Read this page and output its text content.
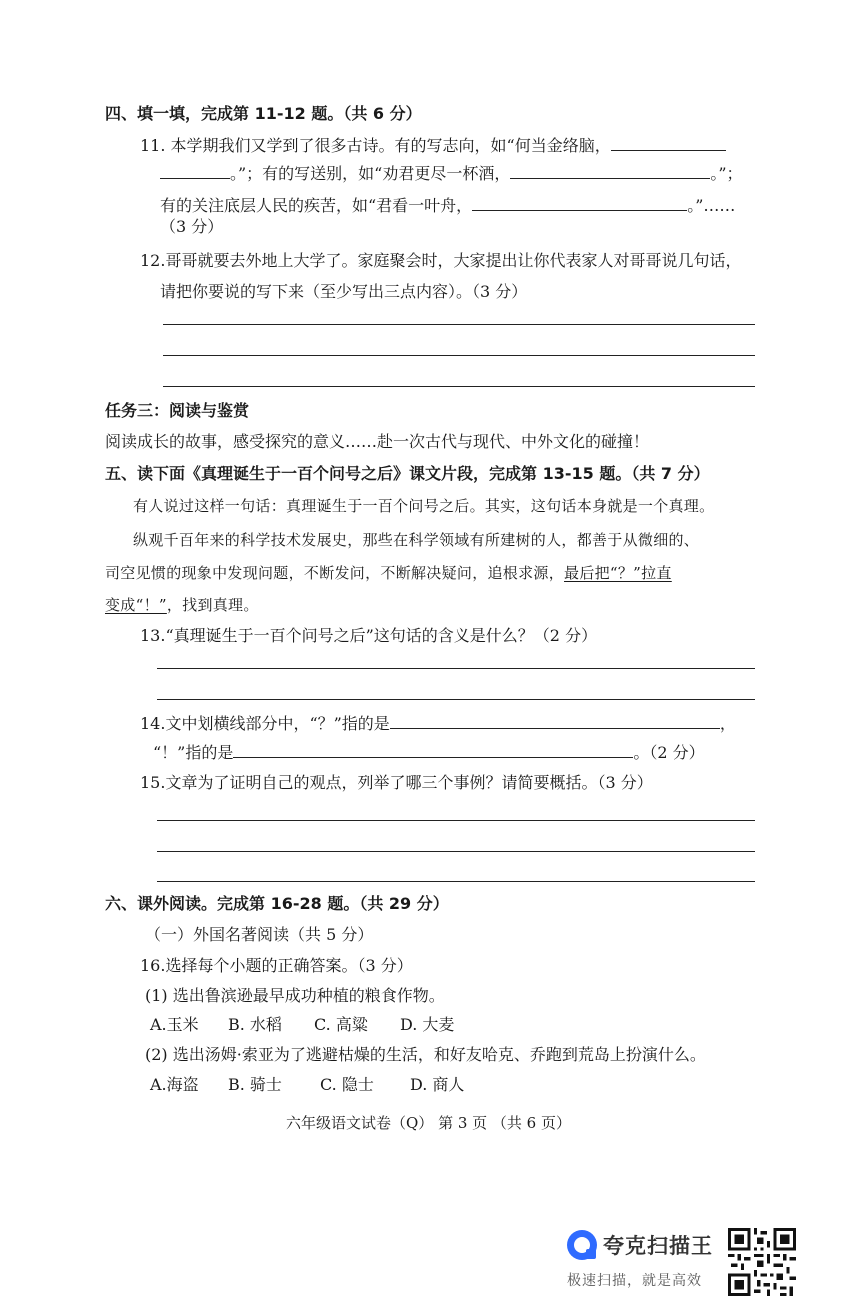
四、填一填，完成第 11-12 题。（共 6 分）
11. 本学期我们又学到了很多古诗。有的写志向，如“何当金络脑，
。”；有的写送别，如“劝君更尽一杯酒，	。”；
有的关注底层人民的疾苦，如“君看一叶舟，	。”……
（3 分）
12.哥哥就要去外地上大学了。家庭聚会时，大家提出让你代表家人对哥哥说几句话，
请把你要说的写下来（至少写出三点内容）。（3 分）
任务三：阅读与鉴赏
阅读成长的故事，感受探究的意义……赴一次古代与现代、中外文化的碰撞！
五、读下面《真理诞生于一百个问号之后》课文片段，完成第 13-15 题。（共 7 分）
有人说过这样一句话：真理诞生于一百个问号之后。其实，这句话本身就是一个真理。
纵观千百年来的科学技术发展史，那些在科学领域有所建树的人，都善于从微细的、
司空见惯的现象中发现问题，不断发问，不断解决疑问，追根求源，最后把“？”拉直
变成“！”，找到真理。
13.“真理诞生于一百个问号之后”这句话的含义是什么？（2 分）
14.文中划横线部分中，“？”指的是	，
“！”指的是	。（2 分）
15.文章为了证明自己的观点，列举了哪三个事例？请简要概括。（3 分）
六、课外阅读。完成第 16-28 题。（共 29 分）
（一）外国名著阅读（共 5 分）
16.选择每个小题的正确答案。（3 分）
(1) 选出鲁滨逊最早成功种植的粮食作物。
A.玉米 B. 水稻 C. 高粱 D. 大麦
(2) 选出汤姆·索亚为了逃避枯燥的生活，和好友哈克、乔跑到荒岛上扮演什么。
A.海盗 B. 骑士 C. 隐士 D. 商人
六年级语文试卷（Q） 第 3 页 （共 6 页）
夸克扫描王
极速扫描，就是高效
